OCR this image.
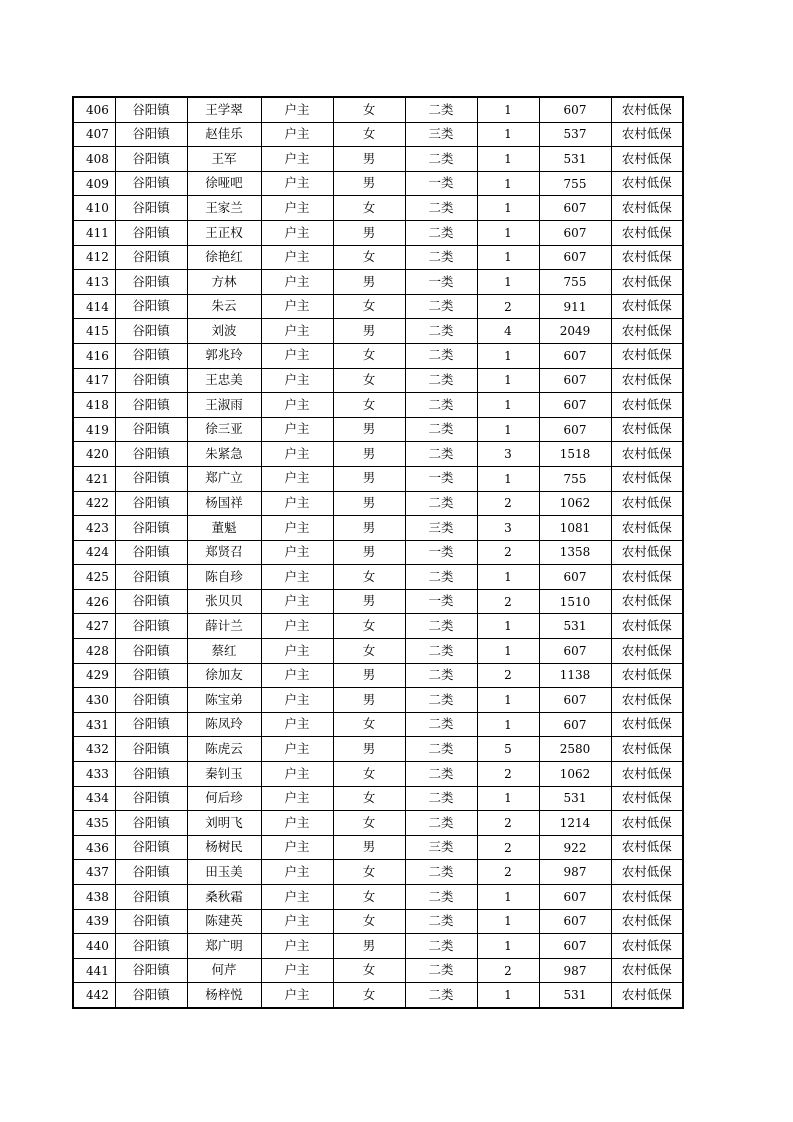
406	谷阳镇	王学翠	户主	女	二类	1	607	农村低保
407	谷阳镇	赵佳乐	户主	女	三类	1	537	农村低保
408	谷阳镇	王军	户主	男	二类	1	531	农村低保
409	谷阳镇	徐哑吧	户主	男	一类	1	755	农村低保
410	谷阳镇	王家兰	户主	女	二类	1	607	农村低保
411	谷阳镇	王正权	户主	男	二类	1	607	农村低保
412	谷阳镇	徐艳红	户主	女	二类	1	607	农村低保
413	谷阳镇	方林	户主	男	一类	1	755	农村低保
414	谷阳镇	朱云	户主	女	二类	2	911	农村低保
415	谷阳镇	刘波	户主	男	二类	4	2049	农村低保
416	谷阳镇	郭兆玲	户主	女	二类	1	607	农村低保
417	谷阳镇	王忠美	户主	女	二类	1	607	农村低保
418	谷阳镇	王淑雨	户主	女	二类	1	607	农村低保
419	谷阳镇	徐三亚	户主	男	二类	1	607	农村低保
420	谷阳镇	朱紧急	户主	男	二类	3	1518	农村低保
421	谷阳镇	郑广立	户主	男	一类	1	755	农村低保
422	谷阳镇	杨国祥	户主	男	二类	2	1062	农村低保
423	谷阳镇	董魁	户主	男	三类	3	1081	农村低保
424	谷阳镇	郑贤召	户主	男	一类	2	1358	农村低保
425	谷阳镇	陈自珍	户主	女	二类	1	607	农村低保
426	谷阳镇	张贝贝	户主	男	一类	2	1510	农村低保
427	谷阳镇	薛计兰	户主	女	二类	1	531	农村低保
428	谷阳镇	蔡红	户主	女	二类	1	607	农村低保
429	谷阳镇	徐加友	户主	男	二类	2	1138	农村低保
430	谷阳镇	陈宝弟	户主	男	二类	1	607	农村低保
431	谷阳镇	陈凤玲	户主	女	二类	1	607	农村低保
432	谷阳镇	陈虎云	户主	男	二类	5	2580	农村低保
433	谷阳镇	秦钊玉	户主	女	二类	2	1062	农村低保
434	谷阳镇	何后珍	户主	女	二类	1	531	农村低保
435	谷阳镇	刘明飞	户主	女	二类	2	1214	农村低保
436	谷阳镇	杨树民	户主	男	三类	2	922	农村低保
437	谷阳镇	田玉美	户主	女	二类	2	987	农村低保
438	谷阳镇	桑秋霜	户主	女	二类	1	607	农村低保
439	谷阳镇	陈建英	户主	女	二类	1	607	农村低保
440	谷阳镇	郑广明	户主	男	二类	1	607	农村低保
441	谷阳镇	何芹	户主	女	二类	2	987	农村低保
442	谷阳镇	杨梓悦	户主	女	二类	1	531	农村低保
